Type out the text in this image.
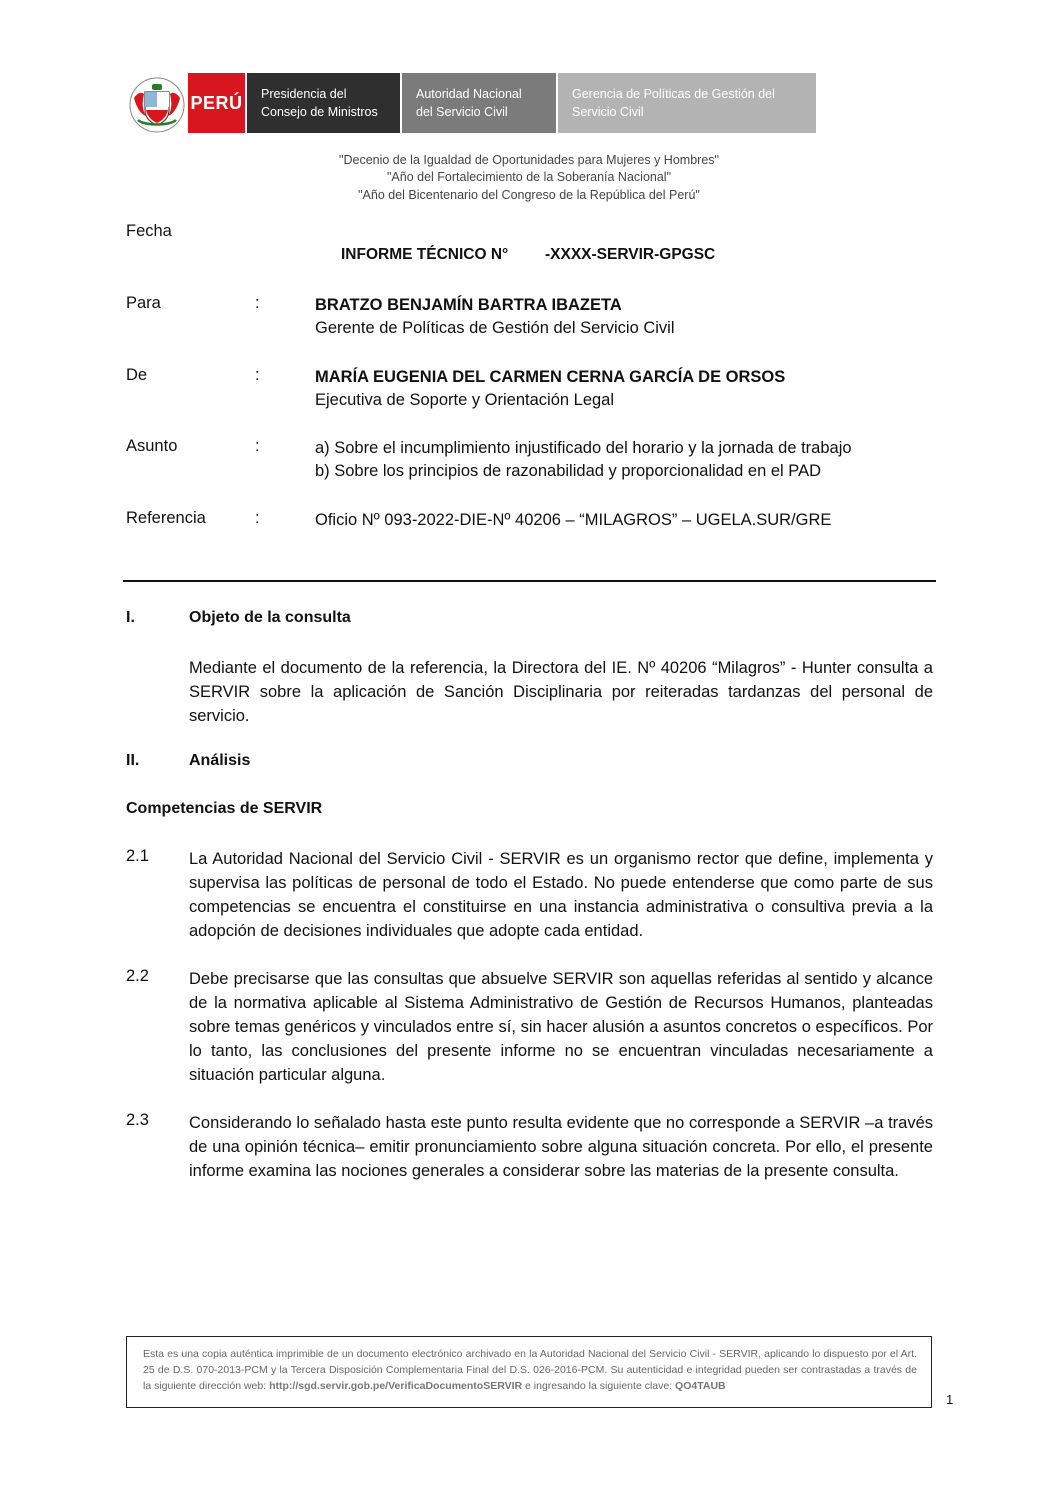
PERÚ Presidencia del
Consejo de Ministros
Autoridad Nacional
del Servicio Civil
Gerencia de Políticas de Gestión del
Servicio Civil
"Decenio de la Igualdad de Oportunidades para Mujeres y Hombres"
"Año del Fortalecimiento de la Soberanía Nacional"
"Año del Bicentenario del Congreso de la República del Perú"
Fecha
INFORME TÉCNICO N° -XXXX-SERVIR-GPGSC
Para	:	BRATZO BENJAMÍN BARTRA IBAZETA
Gerente de Políticas de Gestión del Servicio Civil
De	:	MARÍA EUGENIA DEL CARMEN CERNA GARCÍA DE ORSOS
Ejecutiva de Soporte y Orientación Legal
Asunto	:	a) Sobre el incumplimiento injustificado del horario y la jornada de trabajo
b) Sobre los principios de razonabilidad y proporcionalidad en el PAD
Referencia	:	Oficio Nº 093-2022-DIE-Nº 40206 – “MILAGROS” – UGELA.SUR/GRE
I.	Objeto de la consulta
Mediante el documento de la referencia, la Directora del IE. Nº 40206 “Milagros” - Hunter consulta a SERVIR sobre la aplicación de Sanción Disciplinaria por reiteradas tardanzas del personal de servicio.
II.	Análisis
Competencias de SERVIR
2.1 La Autoridad Nacional del Servicio Civil - SERVIR es un organismo rector que define, implementa y supervisa las políticas de personal de todo el Estado. No puede entenderse que como parte de sus competencias se encuentra el constituirse en una instancia administrativa o consultiva previa a la adopción de decisiones individuales que adopte cada entidad.
2.2 Debe precisarse que las consultas que absuelve SERVIR son aquellas referidas al sentido y alcance de la normativa aplicable al Sistema Administrativo de Gestión de Recursos Humanos, planteadas sobre temas genéricos y vinculados entre sí, sin hacer alusión a asuntos concretos o específicos. Por lo tanto, las conclusiones del presente informe no se encuentran vinculadas necesariamente a situación particular alguna.
2.3 Considerando lo señalado hasta este punto resulta evidente que no corresponde a SERVIR –a través de una opinión técnica– emitir pronunciamiento sobre alguna situación concreta. Por ello, el presente informe examina las nociones generales a considerar sobre las materias de la presente consulta.
Esta es una copia auténtica imprimible de un documento electrónico archivado en la Autoridad Nacional del Servicio Civil - SERVIR, aplicando lo dispuesto por el Art. 25 de D.S. 070-2013-PCM y la Tercera Disposición Complementaria Final del D.S. 026-2016-PCM. Su autenticidad e integridad pueden ser contrastadas a través de la siguiente dirección web: http://sgd.servir.gob.pe/VerificaDocumentoSERVIR e ingresando la siguiente clave: QO4TAUB
1
